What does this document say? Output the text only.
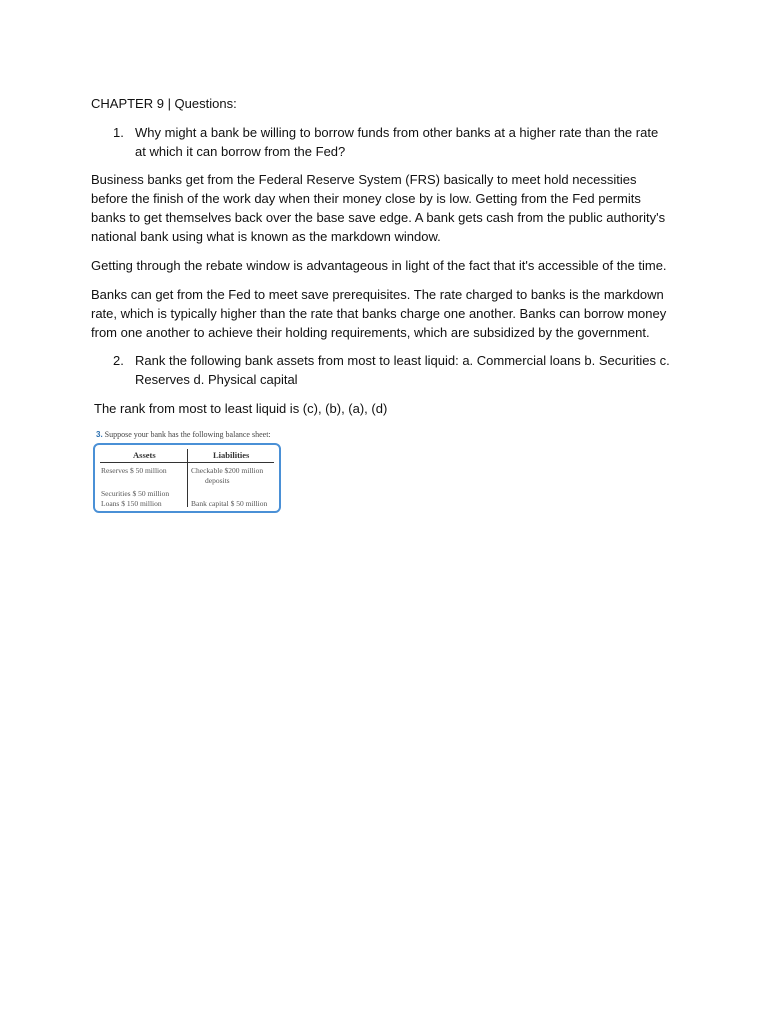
CHAPTER 9 | Questions:

1. Why might a bank be willing to borrow funds from other banks at a higher rate than the rate at which it can borrow from the Fed?

Business banks get from the Federal Reserve System (FRS) basically to meet hold necessities before the finish of the work day when their money close by is low. Getting from the Fed permits banks to get themselves back over the base save edge. A bank gets cash from the public authority's national bank using what is known as the markdown window.

Getting through the rebate window is advantageous in light of the fact that it's accessible of the time.

Banks can get from the Fed to meet save prerequisites. The rate charged to banks is the markdown rate, which is typically higher than the rate that banks charge one another. Banks can borrow money from one another to achieve their holding requirements, which are subsidized by the government.

2. Rank the following bank assets from most to least liquid: a. Commercial loans b. Securities c. Reserves d. Physical capital

The rank from most to least liquid is (c), (b), (a), (d)

3. Suppose your bank has the following balance sheet:
Assets	Liabilities
Reserves $ 50 million
Securities $ 50 million
Loans $ 150 million
Checkable $200 million
deposits
Bank capital $ 50 million
